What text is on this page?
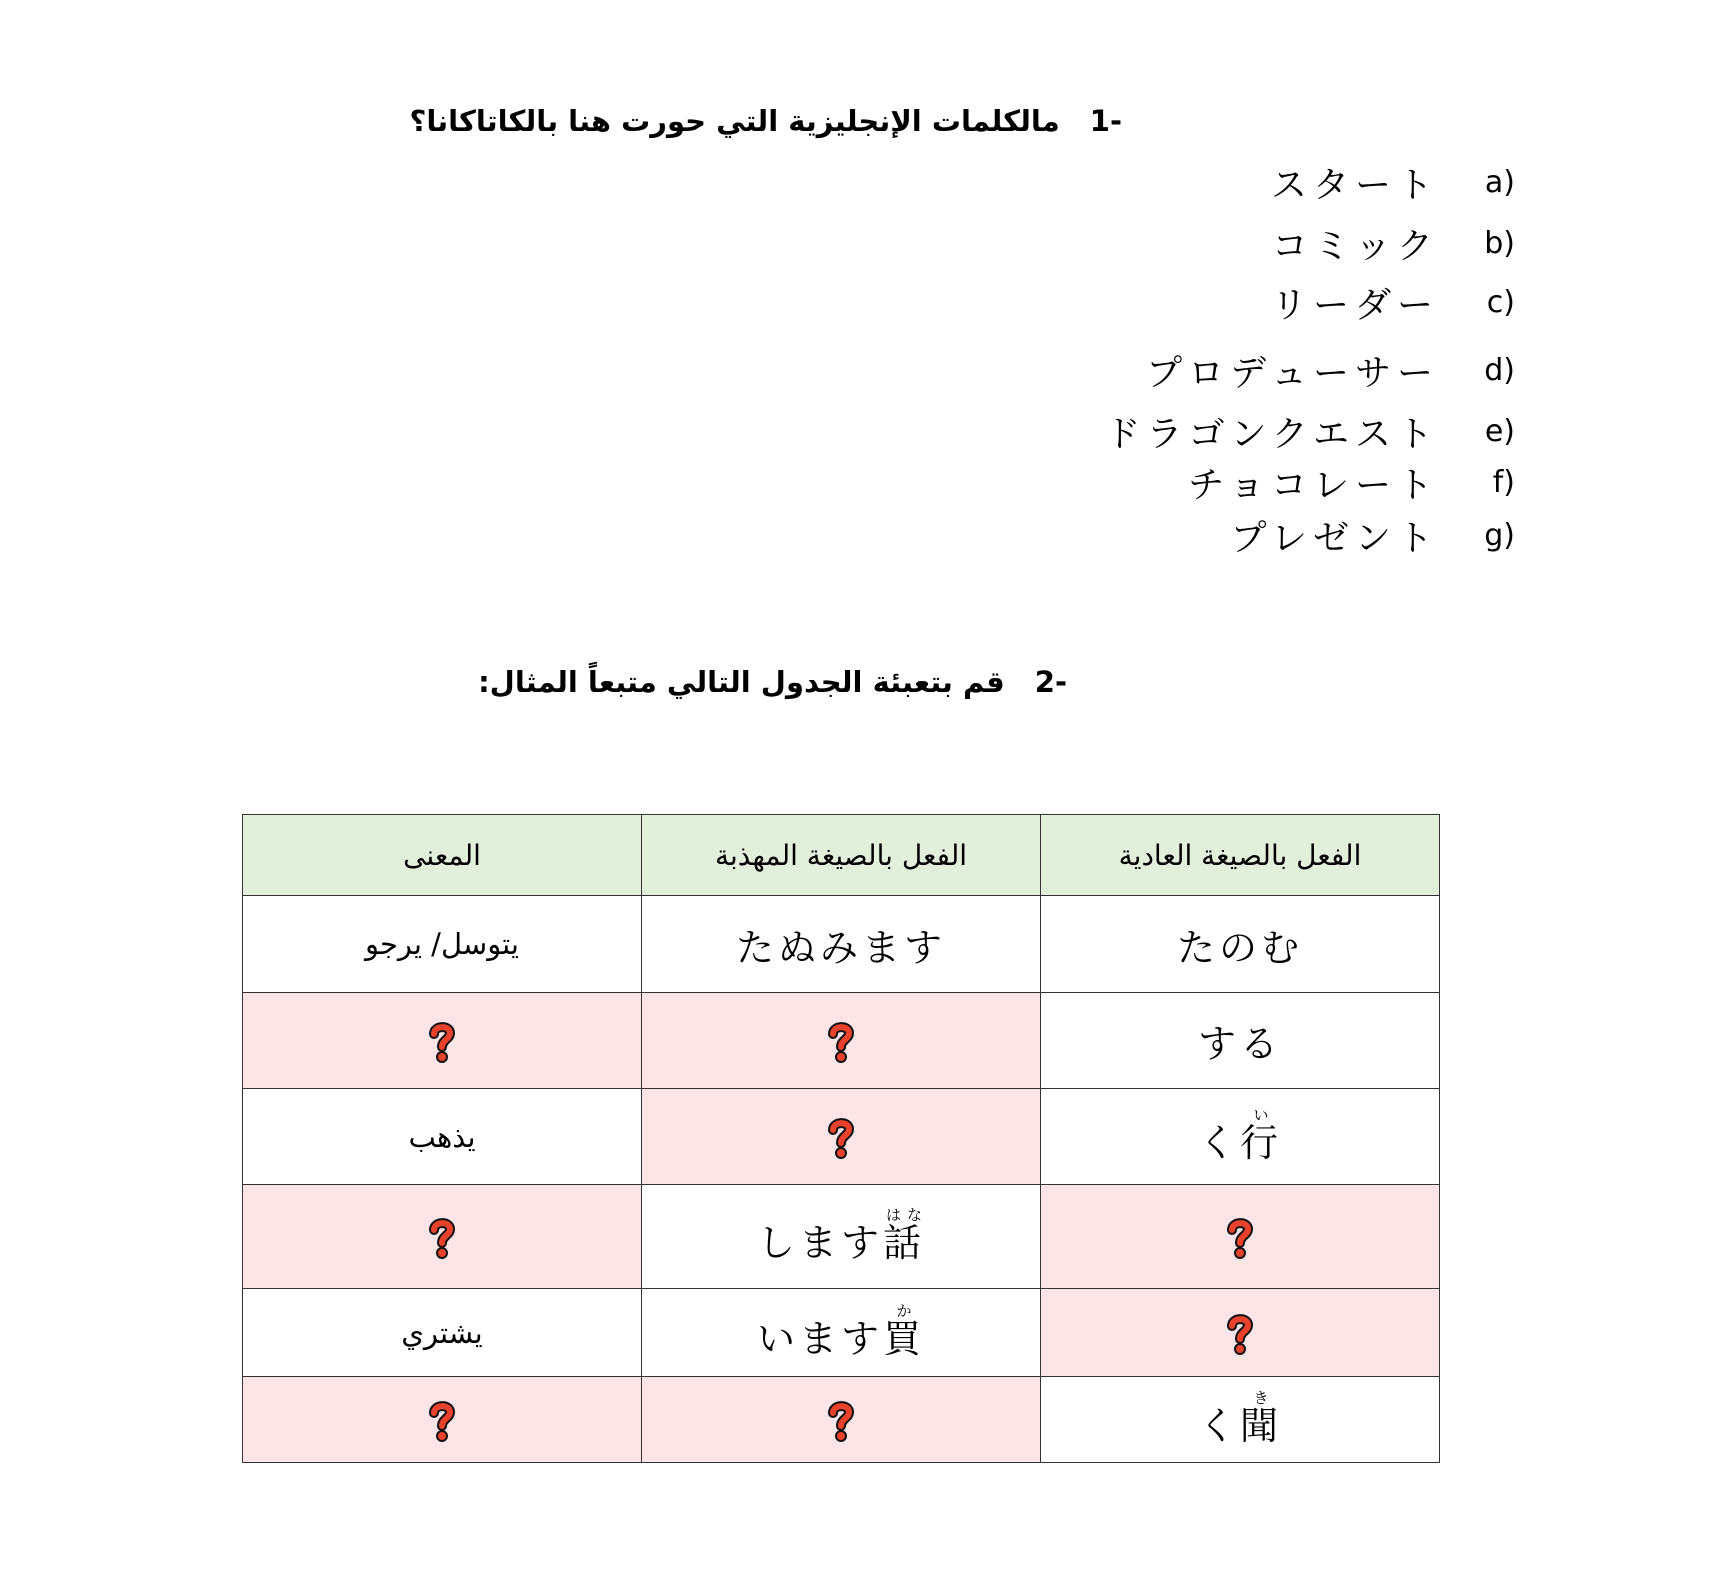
-1مالكلمات الإنجليزية التي حورت هنا بالكاتاكانا؟
(a
スタート
(b
コミック
(c
リーダー
(d
プロデューサー
(e
ドラゴンクエスト
(f
チョコレート
(g
プレゼント
-2قم بتعبئة الجدول التالي متبعاً المثال:
الفعل بالصيغة العادية	الفعل بالصيغة المهذبة	المعنى
たのむ	たぬみます	يتوسل/ يرجو
する		
行いく		يذهب
	話はなします	
	買かいます	يشتري
聞きく		
